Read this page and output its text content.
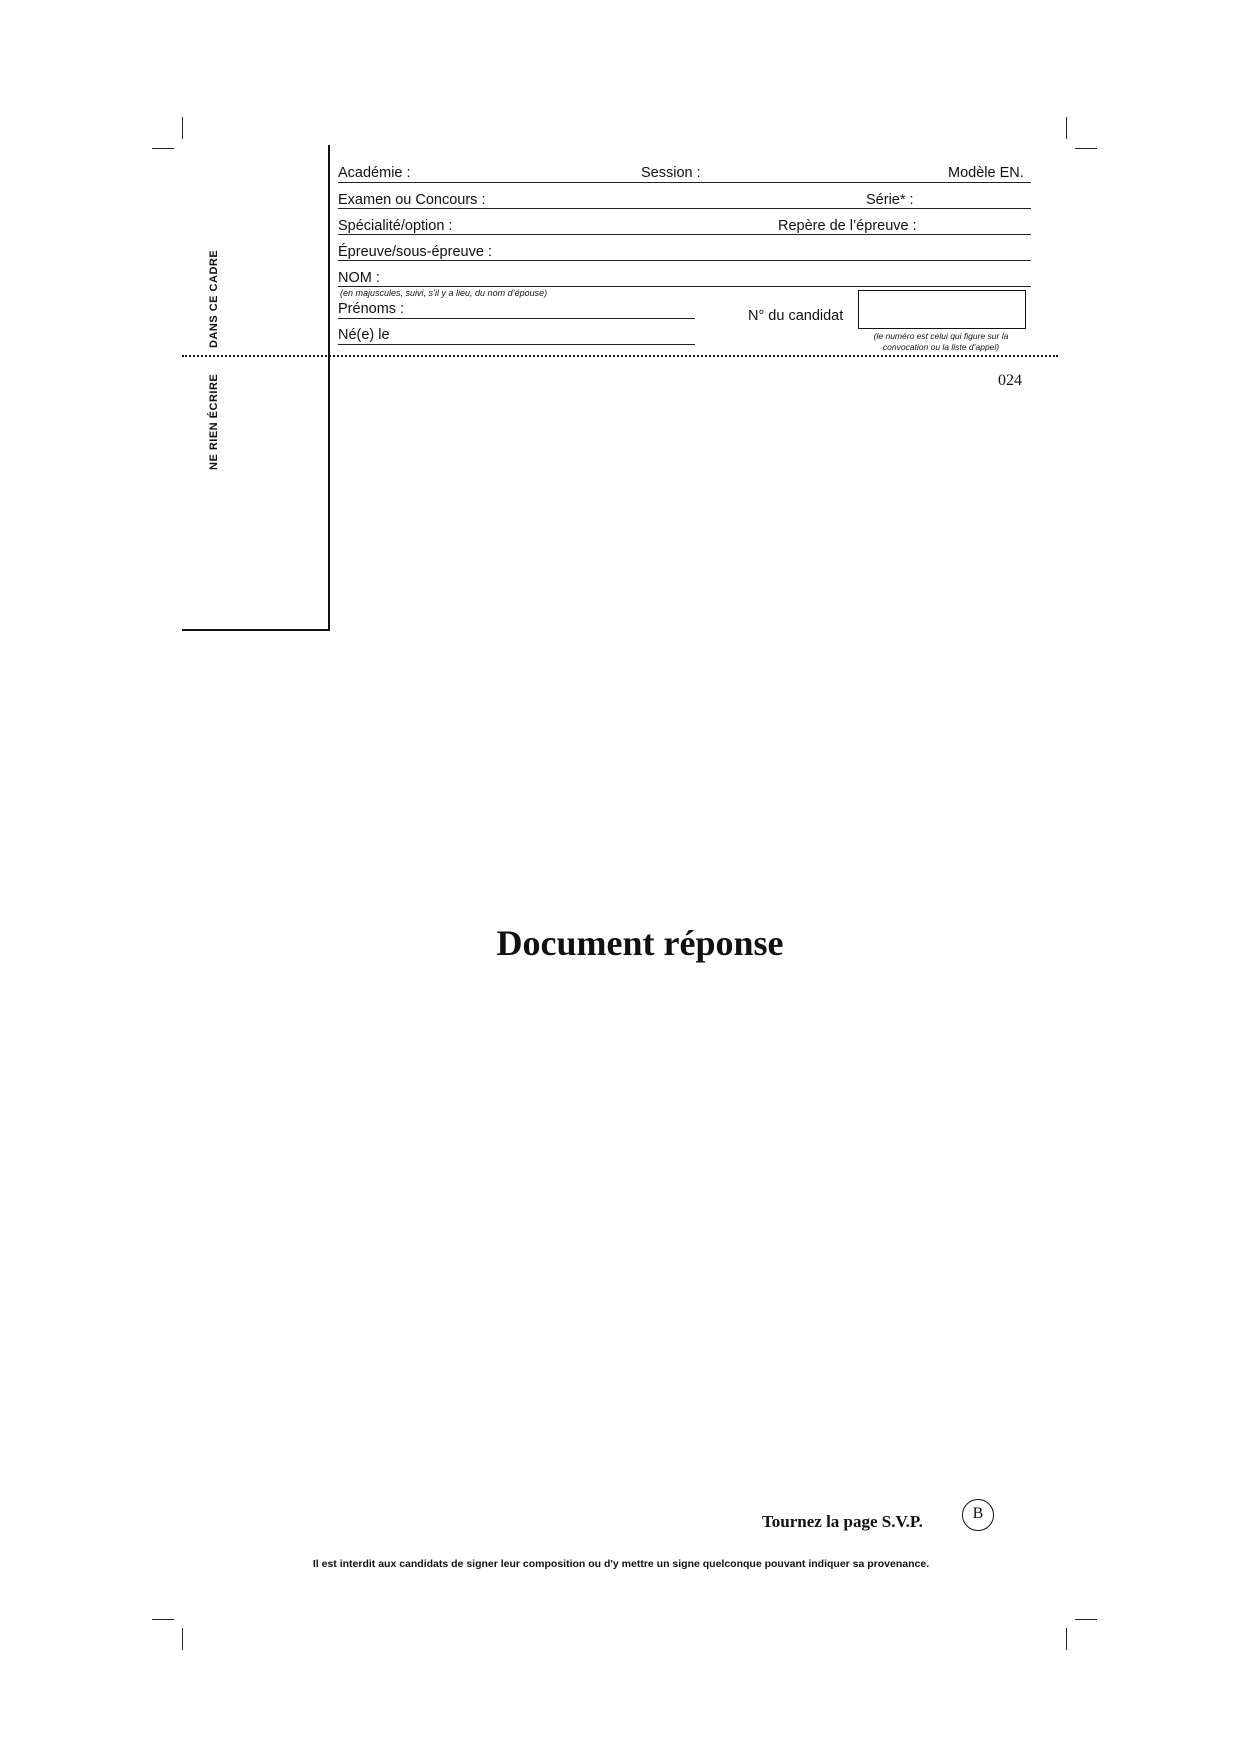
DANS CE CADRE
NE RIEN ÉCRIRE
Académie :	Session :	Modèle EN.
Examen ou Concours :	Série* :
Spécialité/option :	Repère de l’épreuve :
Épreuve/sous-épreuve :
NOM :
(en majuscules, suivi, s’il y a lieu, du nom d’épouse)
Prénoms :
Né(e) le
N° du candidat
(le numéro est celui qui figure sur la convocation ou la liste d’appel)
024
Document réponse
Tournez la page S.V.P.	B
Il est interdit aux candidats de signer leur composition ou d'y mettre un signe quelconque pouvant indiquer sa provenance.
